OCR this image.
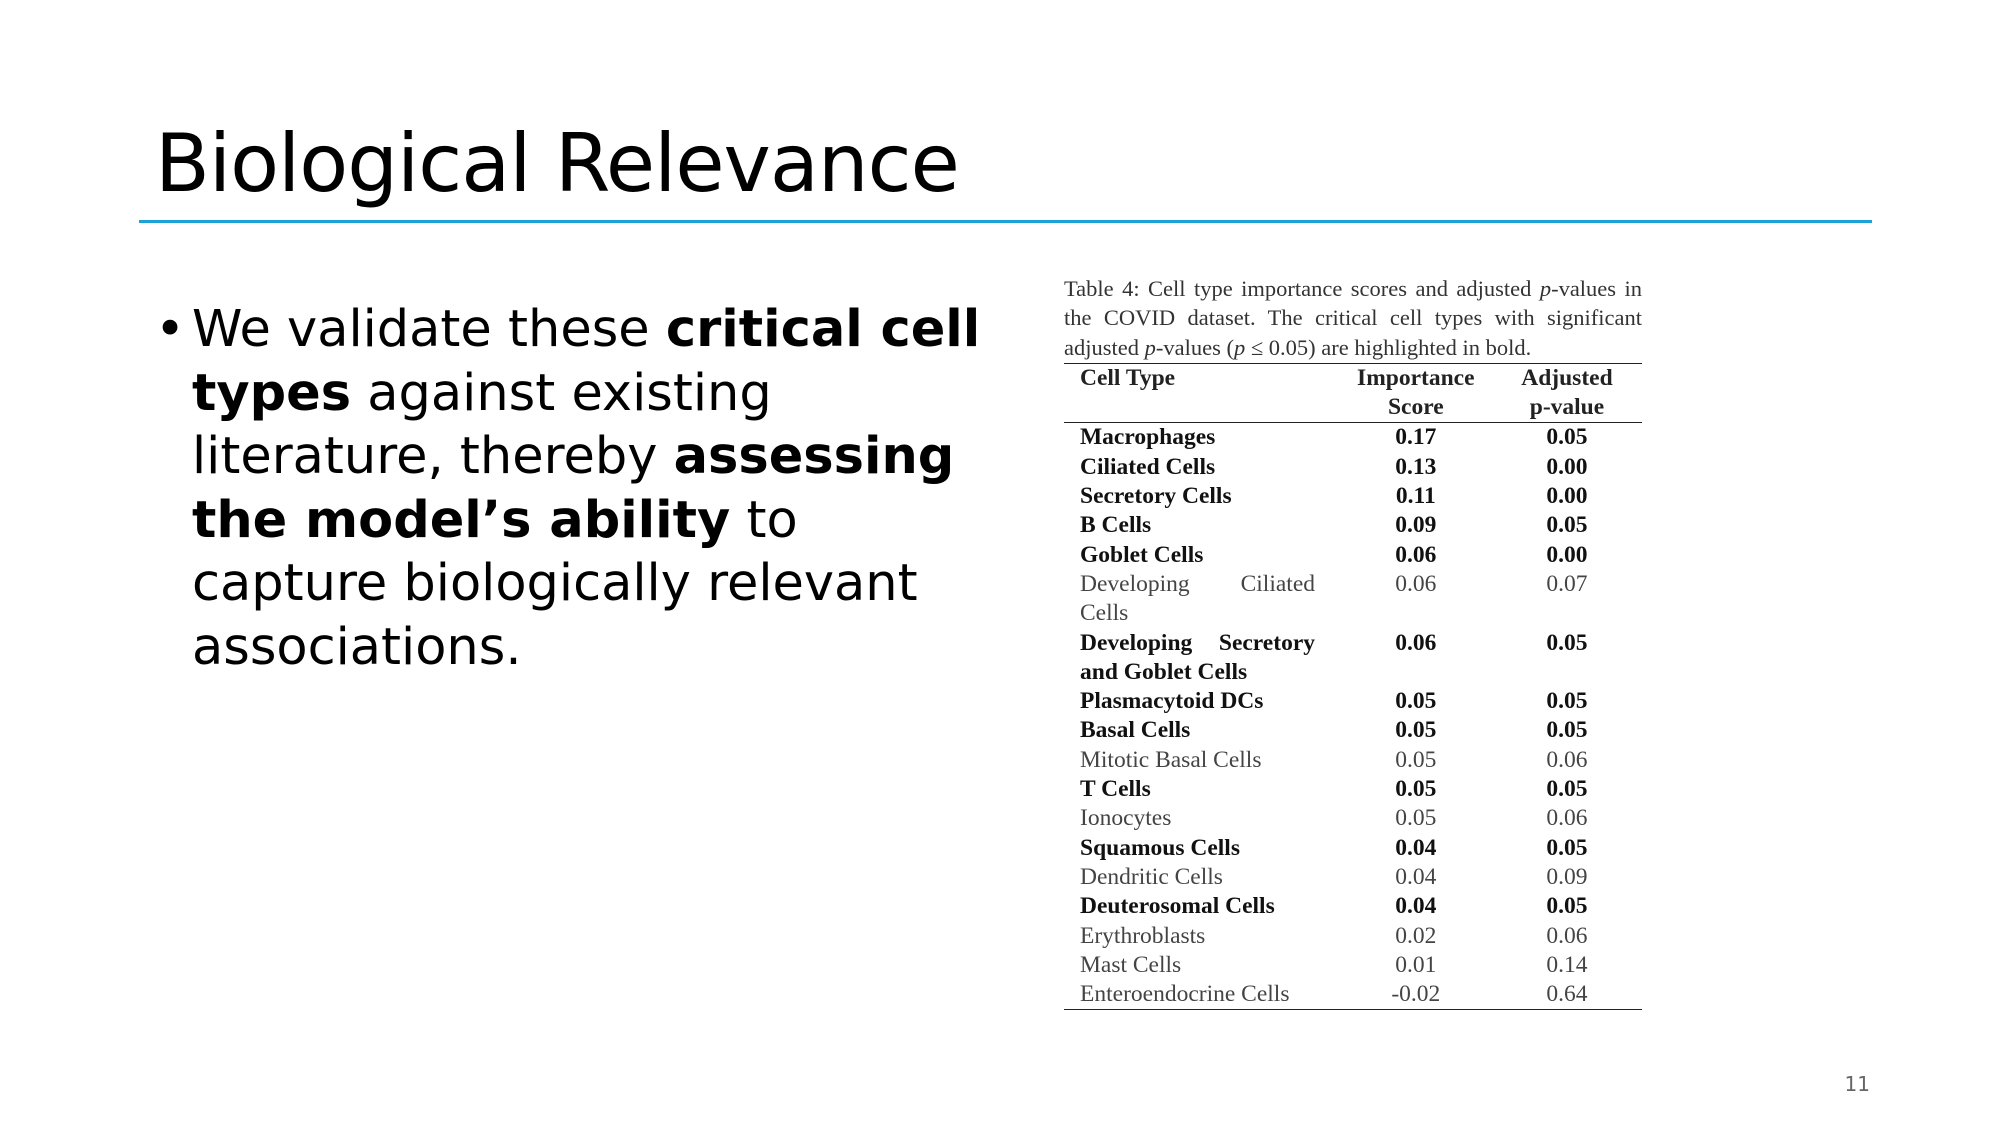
Biological Relevance
• We validate these critical cell types against existing literature, thereby assessing the model’s ability to capture biologically relevant associations.

Table 4: Cell type importance scores and adjusted p-values in the COVID dataset. The critical cell types with significant adjusted p-values (p ≤ 0.05) are highlighted in bold.

Cell Type	Importance	Adjusted
	Score	p-value

Macrophages	0.17	0.05

Ciliated Cells	0.13	0.00

Secretory Cells	0.11	0.00

B Cells	0.09	0.05

Goblet Cells	0.06	0.00

Developing Ciliated Cells	0.06	0.07

Developing Secretory and Goblet Cells	0.06	0.05

Plasmacytoid DCs	0.05	0.05

Basal Cells	0.05	0.05

Mitotic Basal Cells	0.05	0.06

T Cells	0.05	0.05

Ionocytes	0.05	0.06

Squamous Cells	0.04	0.05

Dendritic Cells	0.04	0.09

Deuterosomal Cells	0.04	0.05

Erythroblasts	0.02	0.06

Mast Cells	0.01	0.14

Enteroendocrine Cells	-0.02	0.64
11
